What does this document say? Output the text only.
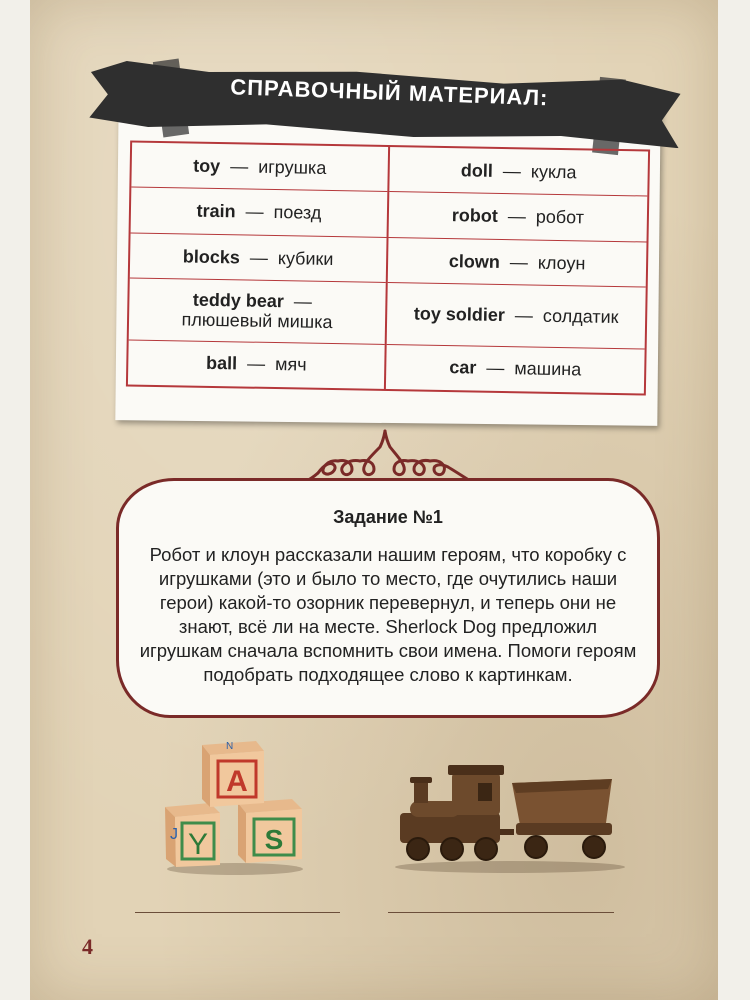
СПРАВОЧНЫЙ МАТЕРИАЛ:
toy — игрушка
train — поезд
blocks — кубики
teddy bear —
плюшевый мишка
ball — мяч
doll — кукла
robot — робот
clown — клоун
toy soldier — солдатик
car — машина
Задание №1
Робот и клоун рассказали нашим героям, что коробку с игрушками (это и было то место, где очутились наши герои) какой-то озорник перевернул, и теперь они не знают, всё ли на месте. Sherlock Dog предложил игрушкам сначала вспомнить свои имена. Помоги героям подобрать подходящее слово к картинкам.
Y
J	S
A
N
4
